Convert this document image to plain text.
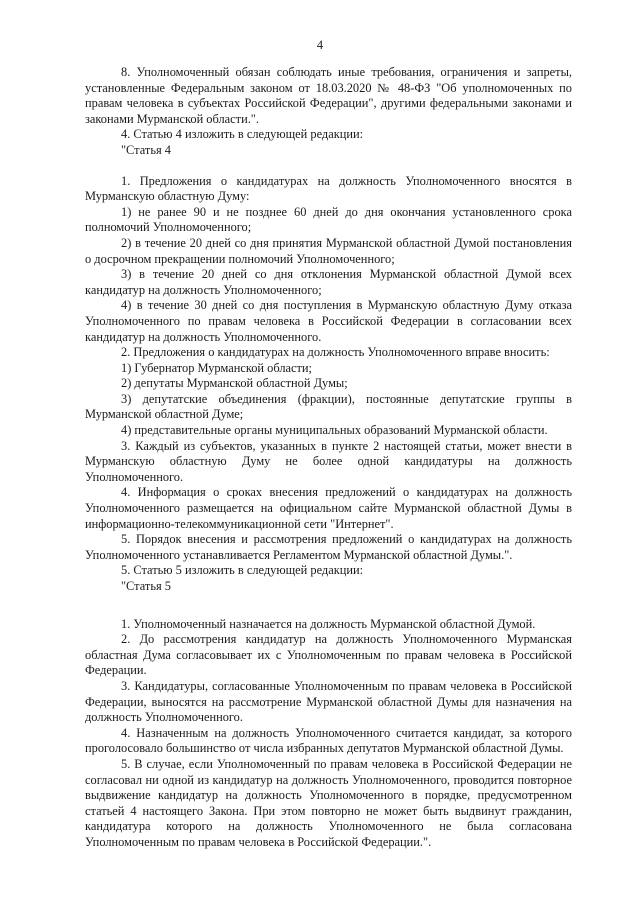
4

8. Уполномоченный обязан соблюдать иные требования, ограничения и запреты, установленные Федеральным законом от 18.03.2020 № 48-ФЗ "Об уполномоченных по правам человека в субъектах Российской Федерации", другими федеральными законами и законами Мурманской области.".

4. Статью 4 изложить в следующей редакции:

"Статья 4

1. Предложения о кандидатурах на должность Уполномоченного вносятся в Мурманскую областную Думу:

1) не ранее 90 и не позднее 60 дней до дня окончания установленного срока полномочий Уполномоченного;

2) в течение 20 дней со дня принятия Мурманской областной Думой постановления о досрочном прекращении полномочий Уполномоченного;

3) в течение 20 дней со дня отклонения Мурманской областной Думой всех кандидатур на должность Уполномоченного;

4) в течение 30 дней со дня поступления в Мурманскую областную Думу отказа Уполномоченного по правам человека в Российской Федерации в согласовании всех кандидатур на должность Уполномоченного.

2. Предложения о кандидатурах на должность Уполномоченного вправе вносить:

1) Губернатор Мурманской области;

2) депутаты Мурманской областной Думы;

3) депутатские объединения (фракции), постоянные депутатские группы в Мурманской областной Думе;

4) представительные органы муниципальных образований Мурманской области.

3. Каждый из субъектов, указанных в пункте 2 настоящей статьи, может внести в Мурманскую областную Думу не более одной кандидатуры на должность Уполномоченного.

4. Информация о сроках внесения предложений о кандидатурах на должность Уполномоченного размещается на официальном сайте Мурманской областной Думы в информационно-телекоммуникационной сети "Интернет".

5. Порядок внесения и рассмотрения предложений о кандидатурах на должность Уполномоченного устанавливается Регламентом Мурманской областной Думы.".

5. Статью 5 изложить в следующей редакции:

"Статья 5

1. Уполномоченный назначается на должность Мурманской областной Думой.

2. До рассмотрения кандидатур на должность Уполномоченного Мурманская областная Дума согласовывает их с Уполномоченным по правам человека в Российской Федерации.

3. Кандидатуры, согласованные Уполномоченным по правам человека в Российской Федерации, выносятся на рассмотрение Мурманской областной Думы для назначения на должность Уполномоченного.

4. Назначенным на должность Уполномоченного считается кандидат, за которого проголосовало большинство от числа избранных депутатов Мурманской областной Думы.

5. В случае, если Уполномоченный по правам человека в Российской Федерации не согласовал ни одной из кандидатур на должность Уполномоченного, проводится повторное выдвижение кандидатур на должность Уполномоченного в порядке, предусмотренном статьей 4 настоящего Закона. При этом повторно не может быть выдвинут гражданин, кандидатура которого на должность Уполномоченного не была согласована Уполномоченным по правам человека в Российской Федерации.".
